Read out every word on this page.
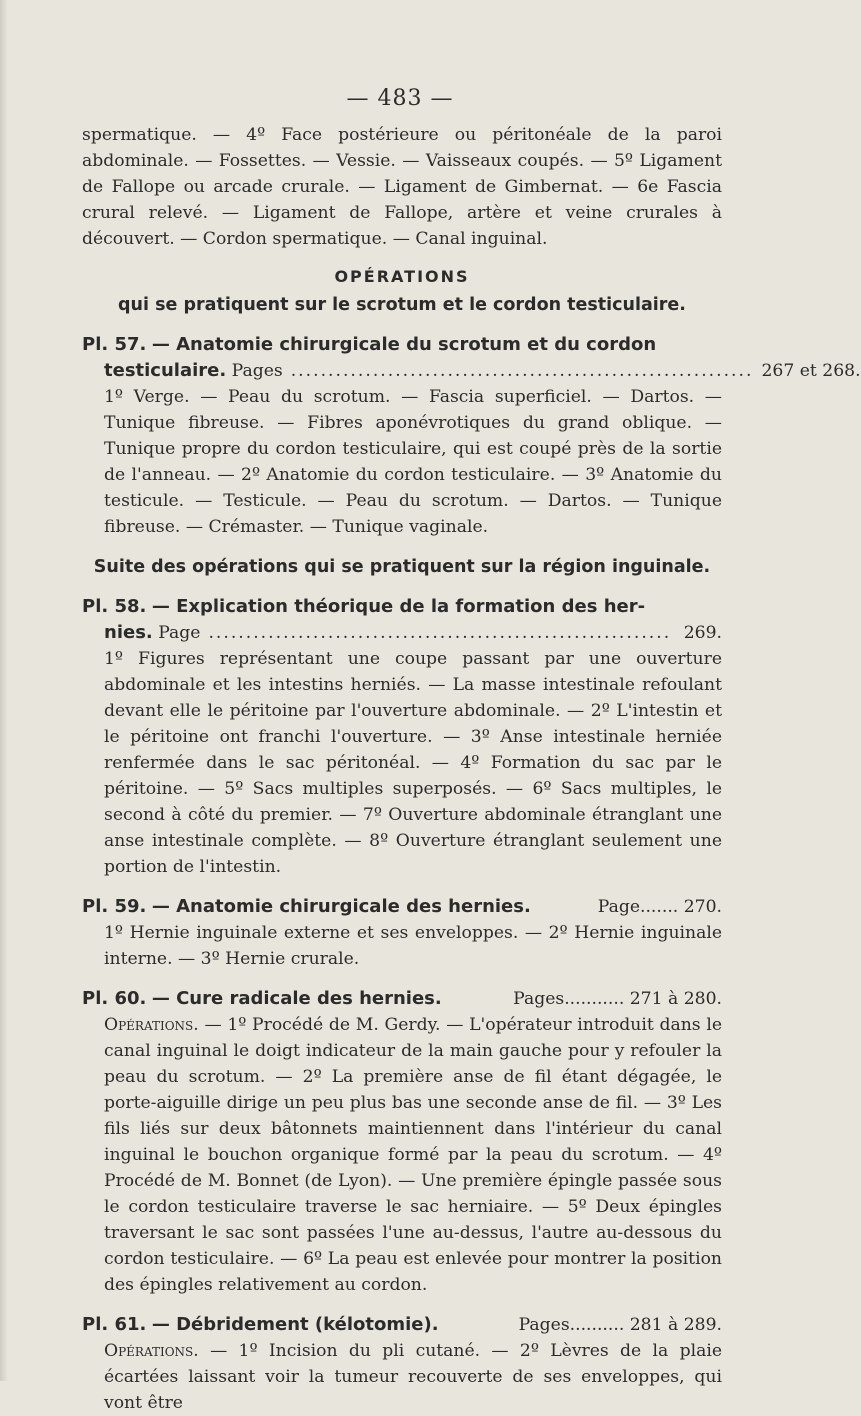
— 483 —

spermatique. — 4º Face postérieure ou péritonéale de la paroi abdominale. — Fossettes. — Vessie. — Vaisseaux coupés. — 5º Ligament de Fallope ou arcade crurale. — Ligament de Gimbernat. — 6e Fascia crural relevé. — Ligament de Fallope, artère et veine crurales à découvert. — Cordon spermatique. — Canal inguinal.

OPÉRATIONS
qui se pratiquent sur le scrotum et le cordon testiculaire.
Pl. 57. — Anatomie chirurgicale du scrotum et du cordon
testiculaire. Pages .............................................................. 267 et 268.
1º Verge. — Peau du scrotum. — Fascia superficiel. — Dartos. — Tunique fibreuse. — Fibres aponévrotiques du grand oblique. — Tunique propre du cordon testiculaire, qui est coupé près de la sortie de l'anneau. — 2º Anatomie du cordon testiculaire. — 3º Anatomie du testicule. — Testicule. — Peau du scrotum. — Dartos. — Tunique fibreuse. — Crémaster. — Tunique vaginale.
Suite des opérations qui se pratiquent sur la région inguinale.
Pl. 58. — Explication théorique de la formation des her-
nies. Page .............................................................. 269.
1º Figures représentant une coupe passant par une ouverture abdominale et les intestins herniés. — La masse intestinale refoulant devant elle le péritoine par l'ouverture abdominale. — 2º L'intestin et le péritoine ont franchi l'ouverture. — 3º Anse intestinale herniée renfermée dans le sac péritonéal. — 4º Formation du sac par le péritoine. — 5º Sacs multiples superposés. — 6º Sacs multiples, le second à côté du premier. — 7º Ouverture abdominale étranglant une anse intestinale complète. — 8º Ouverture étranglant seulement une portion de l'intestin.
Pl. 59. — Anatomie chirurgicale des hernies.	Page....... 270.
1º Hernie inguinale externe et ses enveloppes. — 2º Hernie inguinale interne. — 3º Hernie crurale.
Pl. 60. — Cure radicale des hernies.	Pages........... 271 à 280.
Opérations. — 1º Procédé de M. Gerdy. — L'opérateur introduit dans le canal inguinal le doigt indicateur de la main gauche pour y refouler la peau du scrotum. — 2º La première anse de fil étant dégagée, le porte-aiguille dirige un peu plus bas une seconde anse de fil. — 3º Les fils liés sur deux bâtonnets maintiennent dans l'intérieur du canal inguinal le bouchon organique formé par la peau du scrotum. — 4º Procédé de M. Bonnet (de Lyon). — Une première épingle passée sous le cordon testiculaire traverse le sac herniaire. — 5º Deux épingles traversant le sac sont passées l'une au-dessus, l'autre au-dessous du cordon testiculaire. — 6º La peau est enlevée pour montrer la position des épingles relativement au cordon.
Pl. 61. — Débridement (kélotomie).	Pages.......... 281 à 289.
Opérations. — 1º Incision du pli cutané. — 2º Lèvres de la plaie écartées laissant voir la tumeur recouverte de ses enveloppes, qui vont être
